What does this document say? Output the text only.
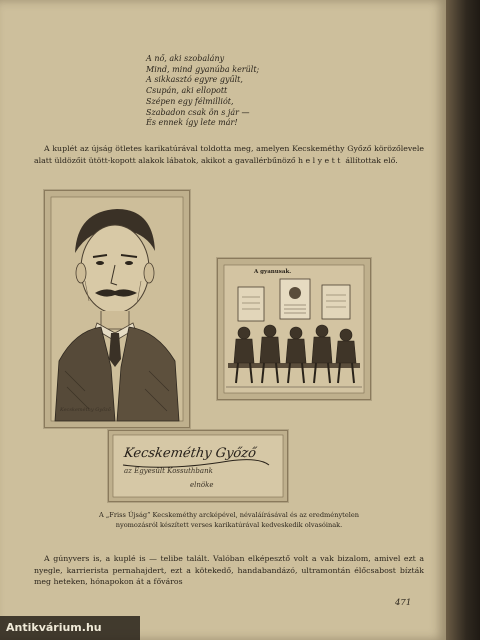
A nő, aki szobalány
Mind, mind gyanúba került;
A sikkasztó egyre gyűlt,
Csupán, aki ellopott
Szépen egy félmilliót,
Szabadon csak ön s jár —
És ennek így lete már!
A kuplét az újság ötletes karikatúrával toldotta meg, amelyen Kecskeméthy Győző körözőlevele alatt üldözőit ütött-kopott alakok lábatok, akikot a gavallérbűnöző helyett állítottak elő.
Kecskeméthy Győző
A gyanusak.
Kecskeméthy Győző
az Egyesült Kossuthbank
elnöke
A „Friss Újság” Kecskeméthy arcképével, névaláírásával és az eredménytelen
nyomozásról készített verses karikatúrával kedveskedik olvasóinak.
A gúnyvers is, a kuplé is — telibe talált. Valóban elképesztő volt a vak bizalom, amivel ezt a nyegle, karrierista pernahajdert, ezt a kötekedő, handabandázó, ultramontán élőcsabost bízták meg heteken, hónapokon át a főváros
471
Antikvárium.hu
